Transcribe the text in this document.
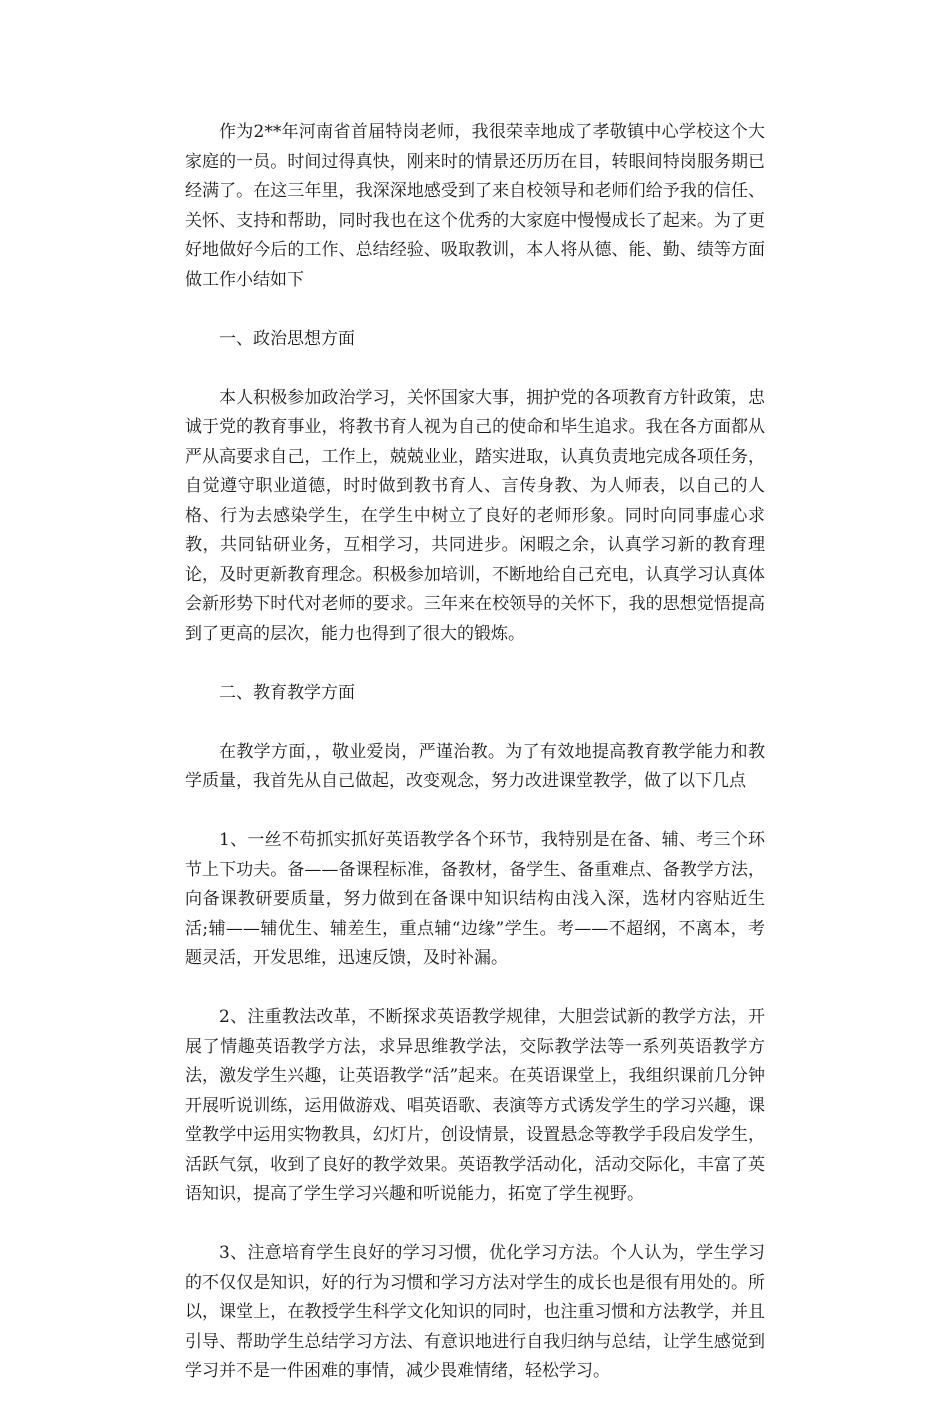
作为2**年河南省首届特岗老师，我很荣幸地成了孝敬镇中心学校这个大家庭的一员。时间过得真快，刚来时的情景还历历在目，转眼间特岗服务期已经满了。在这三年里，我深深地感受到了来自校领导和老师们给予我的信任、关怀、支持和帮助，同时我也在这个优秀的大家庭中慢慢成长了起来。为了更好地做好今后的工作、总结经验、吸取教训，本人将从德、能、勤、绩等方面做工作小结如下

一、政治思想方面

本人积极参加政治学习，关怀国家大事，拥护党的各项教育方针政策，忠诚于党的教育事业，将教书育人视为自己的使命和毕生追求。我在各方面都从严从高要求自己，工作上，兢兢业业，踏实进取，认真负责地完成各项任务，自觉遵守职业道德，时时做到教书育人、言传身教、为人师表，以自己的人格、行为去感染学生，在学生中树立了良好的老师形象。同时向同事虚心求教，共同钻研业务，互相学习，共同进步。闲暇之余，认真学习新的教育理论，及时更新教育理念。积极参加培训，不断地给自己充电，认真学习认真体会新形势下时代对老师的要求。三年来在校领导的关怀下，我的思想觉悟提高到了更高的层次，能力也得到了很大的锻炼。

二、教育教学方面

在教学方面，，敬业爱岗，严谨治教。为了有效地提高教育教学能力和教学质量，我首先从自己做起，改变观念，努力改进课堂教学，做了以下几点

1、一丝不苟抓实抓好英语教学各个环节，我特别是在备、辅、考三个环节上下功夫。备——备课程标准，备教材，备学生、备重难点、备教学方法，向备课教研要质量，努力做到在备课中知识结构由浅入深，选材内容贴近生活;辅——辅优生、辅差生，重点辅“边缘”学生。考——不超纲，不离本，考题灵活，开发思维，迅速反馈，及时补漏。

2、注重教法改革，不断探求英语教学规律，大胆尝试新的教学方法，开展了情趣英语教学方法，求异思维教学法，交际教学法等一系列英语教学方法，激发学生兴趣，让英语教学“活”起来。在英语课堂上，我组织课前几分钟开展听说训练，运用做游戏、唱英语歌、表演等方式诱发学生的学习兴趣，课堂教学中运用实物教具，幻灯片，创设情景，设置悬念等教学手段启发学生，活跃气氛，收到了良好的教学效果。英语教学活动化，活动交际化，丰富了英语知识，提高了学生学习兴趣和听说能力，拓宽了学生视野。

3、注意培育学生良好的学习习惯，优化学习方法。个人认为，学生学习的不仅仅是知识，好的行为习惯和学习方法对学生的成长也是很有用处的。所以，课堂上，在教授学生科学文化知识的同时，也注重习惯和方法教学，并且引导、帮助学生总结学习方法、有意识地进行自我归纳与总结，让学生感觉到学习并不是一件困难的事情，减少畏难情绪，轻松学习。
